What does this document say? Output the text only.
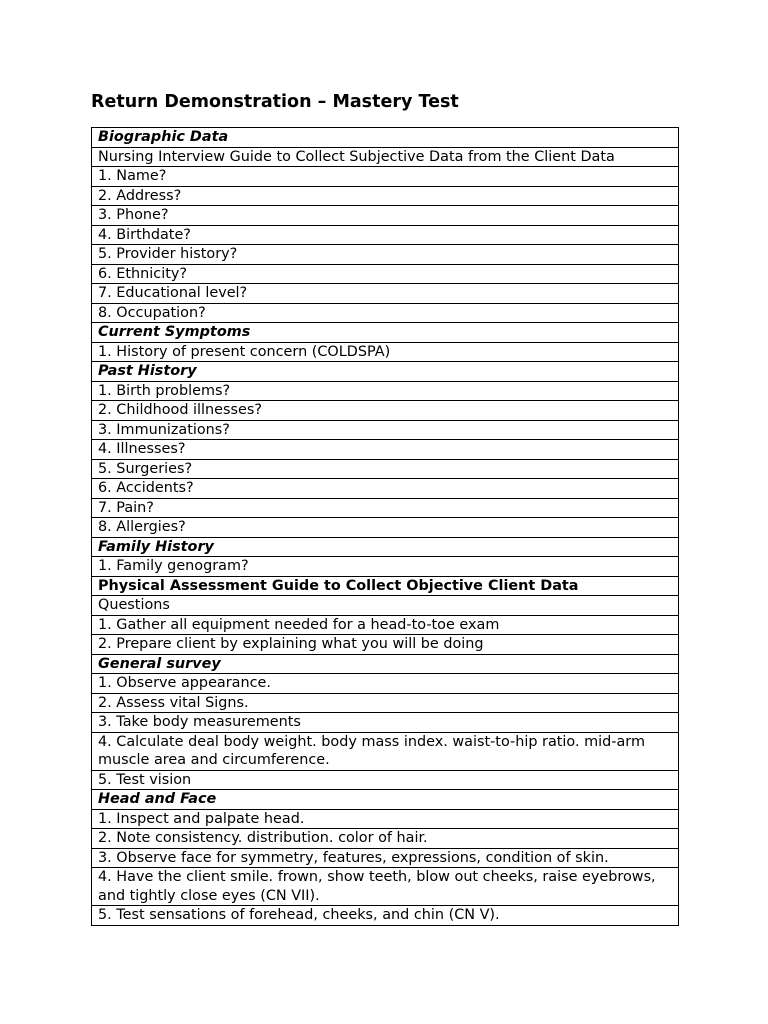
Return Demonstration – Mastery Test
Biographic Data
Nursing Interview Guide to Collect Subjective Data from the Client Data
1. Name?
2. Address?
3. Phone?
4. Birthdate?
5. Provider history?
6. Ethnicity?
7. Educational level?
8. Occupation?
Current Symptoms
1. History of present concern (COLDSPA)
Past History
1. Birth problems?
2. Childhood illnesses?
3. Immunizations?
4. Illnesses?
5. Surgeries?
6. Accidents?
7. Pain?
8. Allergies?
Family History
1. Family genogram?
Physical Assessment Guide to Collect Objective Client Data
Questions
1. Gather all equipment needed for a head-to-toe exam
2. Prepare client by explaining what you will be doing
General survey
1. Observe appearance.
2. Assess vital Signs.
3. Take body measurements
4. Calculate deal body weight. body mass index. waist-to-hip ratio. mid-arm muscle area and circumference.
5. Test vision
Head and Face
1. Inspect and palpate head.
2. Note consistency. distribution. color of hair.
3. Observe face for symmetry, features, expressions, condition of skin.
4. Have the client smile. frown, show teeth, blow out cheeks, raise eyebrows, and tightly close eyes (CN VII).
5. Test sensations of forehead, cheeks, and chin (CN V).
